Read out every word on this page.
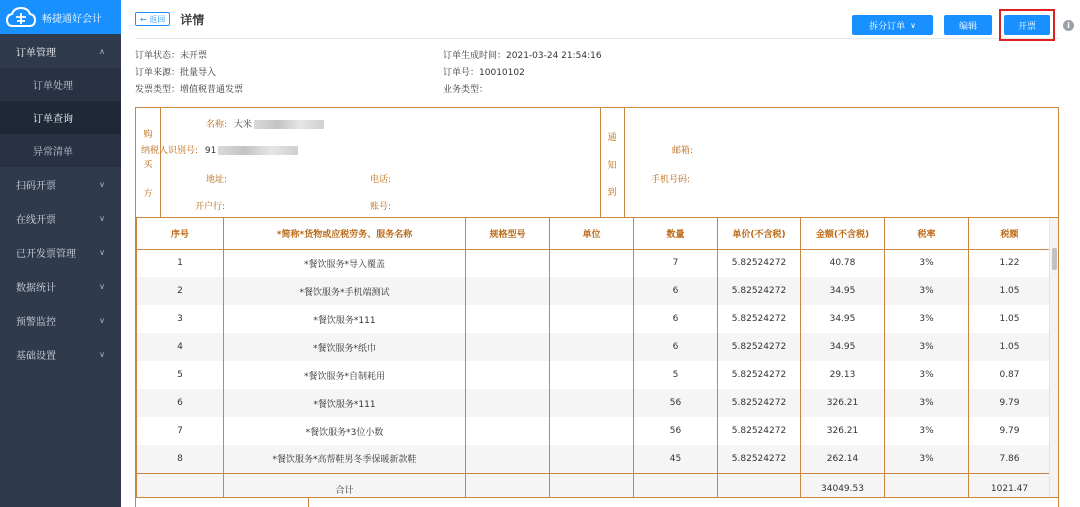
畅捷通好会计
订单管理	∧
订单处理
订单查询
异常清单
扫码开票	∨
在线开票	∨
已开发票管理	∨
数据统计	∨
预警监控	∨
基础设置	∨
← 返回	详情	拆分订单 ∨	编辑	开票	i
订单状态：未开票	订单生成时间：2021-03-24 21:54:16
订单来源：批量导入	订单号：10010102
发票类型：增值税普通发票	业务类型：
购
买
方
名称: 大米
纳税人识别号: 91
地址:	电话:
开户行:	账号:
通
知
到
邮箱:
手机号码:
序号	*简称*货物或应税劳务、服务名称	规格型号	单位	数量	单价(不含税)	金额(不含税)	税率	税额
1	*餐饮服务*导入覆盖			7	5.82524272	40.78	3%	1.22
2	*餐饮服务*手机端测试			6	5.82524272	34.95	3%	1.05
3	*餐饮服务*111			6	5.82524272	34.95	3%	1.05
4	*餐饮服务*纸巾			6	5.82524272	34.95	3%	1.05
5	*餐饮服务*自制耗用			5	5.82524272	29.13	3%	0.87
6	*餐饮服务*111			56	5.82524272	326.21	3%	9.79
7	*餐饮服务*3位小数			56	5.82524272	326.21	3%	9.79
8	*餐饮服务*高帮鞋男冬季保暖新款鞋			45	5.82524272	262.14	3%	7.86
	合计					34049.53		1021.47
